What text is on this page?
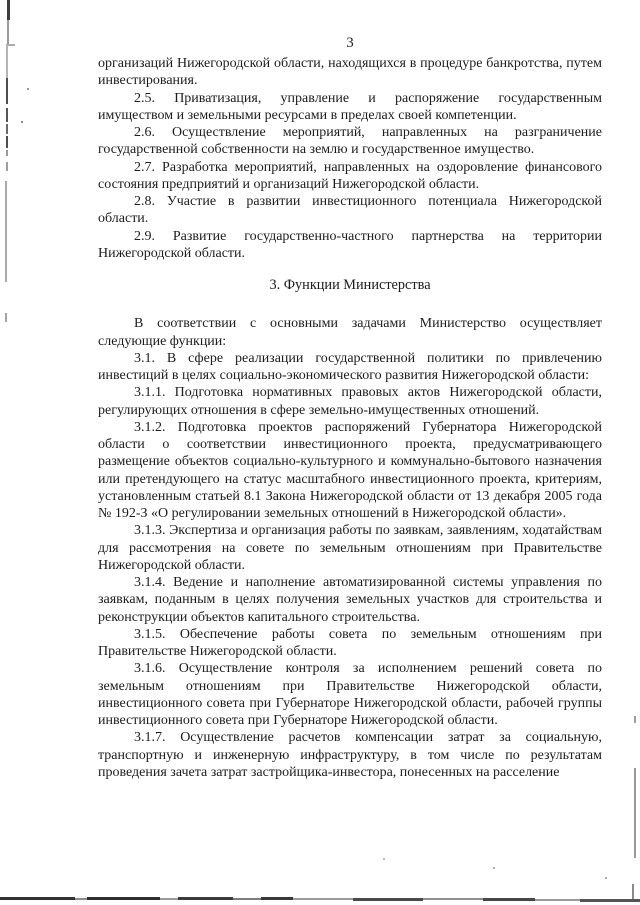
3

организаций Нижегородской области, находящихся в процедуре банкротства, путем инвестирования.

2.5. Приватизация, управление и распоряжение государственным имуществом и земельными ресурсами в пределах своей компетенции.

2.6. Осуществление мероприятий, направленных на разграничение государственной собственности на землю и государственное имущество.

2.7. Разработка мероприятий, направленных на оздоровление финансового состояния предприятий и организаций Нижегородской области.

2.8. Участие в развитии инвестиционного потенциала Нижегородской области.

2.9. Развитие государственно-частного партнерства на территории Нижегородской области.

3. Функции Министерства

В соответствии с основными задачами Министерство осуществляет следующие функции:

3.1. В сфере реализации государственной политики по привлечению инвестиций в целях социально-экономического развития Нижегородской области:

3.1.1. Подготовка нормативных правовых актов Нижегородской области, регулирующих отношения в сфере земельно-имущественных отношений.

3.1.2. Подготовка проектов распоряжений Губернатора Нижегородской области о соответствии инвестиционного проекта, предусматривающего размещение объектов социально-культурного и коммунально-бытового назначения или претендующего на статус масштабного инвестиционного проекта, критериям, установленным статьей 8.1 Закона Нижегородской области от 13 декабря 2005 года № 192-З «О регулировании земельных отношений в Нижегородской области».

3.1.3. Экспертиза и организация работы по заявкам, заявлениям, ходатайствам для рассмотрения на совете по земельным отношениям при Правительстве Нижегородской области.

3.1.4. Ведение и наполнение автоматизированной системы управления по заявкам, поданным в целях получения земельных участков для строительства и реконструкции объектов капитального строительства.

3.1.5. Обеспечение работы совета по земельным отношениям при Правительстве Нижегородской области.

3.1.6. Осуществление контроля за исполнением решений совета по земельным отношениям при Правительстве Нижегородской области, инвестиционного совета при Губернаторе Нижегородской области, рабочей группы инвестиционного совета при Губернаторе Нижегородской области.

3.1.7. Осуществление расчетов компенсации затрат за социальную, транспортную и инженерную инфраструктуру, в том числе по результатам проведения зачета затрат застройщика-инвестора, понесенных на расселение
